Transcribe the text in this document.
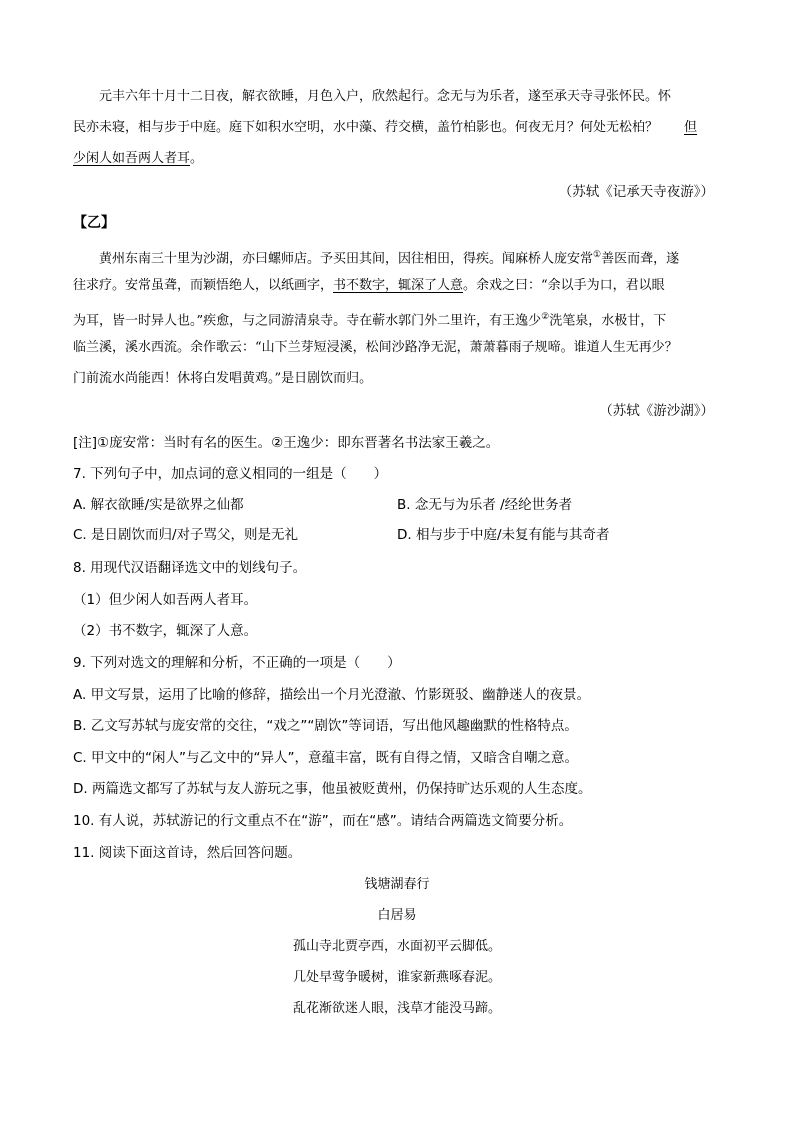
元丰六年十月十二日夜，解衣欲睡，月色入户，欣然起行。念无与为乐者，遂至承天寺寻张怀民。怀
民亦未寝，相与步于中庭。庭下如积水空明，水中藻、荇交横，盖竹柏影也。何夜无月？何处无松柏？　　 但
少闲人如吾两人者耳。
（苏轼《记承天寺夜游》）
【乙】
黄州东南三十里为沙湖，亦曰螺师店。予买田其间，因往相田，得疾。闻麻桥人庞安常①善医而聋，遂
往求疗。安常虽聋，而颖悟绝人，以纸画字，书不数字，辄深了人意。余戏之曰：“余以手为口，君以眼
为耳，皆一时异人也。”疾愈，与之同游清泉寺。寺在蕲水郭门外二里许，有王逸少②洗笔泉，水极甘，下
临兰溪，溪水西流。余作歌云：“山下兰芽短浸溪，松间沙路净无泥，萧萧暮雨子规啼。谁道人生无再少？
门前流水尚能西！休将白发唱黄鸡。”是日剧饮而归。
（苏轼《游沙湖》）
[注]①庞安常：当时有名的医生。②王逸少：即东晋著名书法家王羲之。
7. 下列句子中，加点词的意义相同的一组是（　　）
A. 解衣欲睡/实是欲界之仙都	B. 念无与为乐者 /经纶世务者
C. 是日剧饮而归/对子骂父，则是无礼	D. 相与步于中庭/未复有能与其奇者
8. 用现代汉语翻译选文中的划线句子。
（1）但少闲人如吾两人者耳。
（2）书不数字，辄深了人意。
9. 下列对选文的理解和分析，不正确的一项是（　　）
A. 甲文写景，运用了比喻的修辞，描绘出一个月光澄澈、竹影斑驳、幽静迷人的夜景。
B. 乙文写苏轼与庞安常的交往，“戏之”“剧饮”等词语，写出他风趣幽默的性格特点。
C. 甲文中的“闲人”与乙文中的“异人”，意蕴丰富，既有自得之情，又暗含自嘲之意。
D. 两篇选文都写了苏轼与友人游玩之事，他虽被贬黄州，仍保持旷达乐观的人生态度。
10. 有人说，苏轼游记的行文重点不在“游”，而在“感”。请结合两篇选文简要分析。
11. 阅读下面这首诗，然后回答问题。
钱塘湖春行
白居易
孤山寺北贾亭西，水面初平云脚低。
几处早莺争暖树，谁家新燕啄春泥。
乱花渐欲迷人眼，浅草才能没马蹄。
